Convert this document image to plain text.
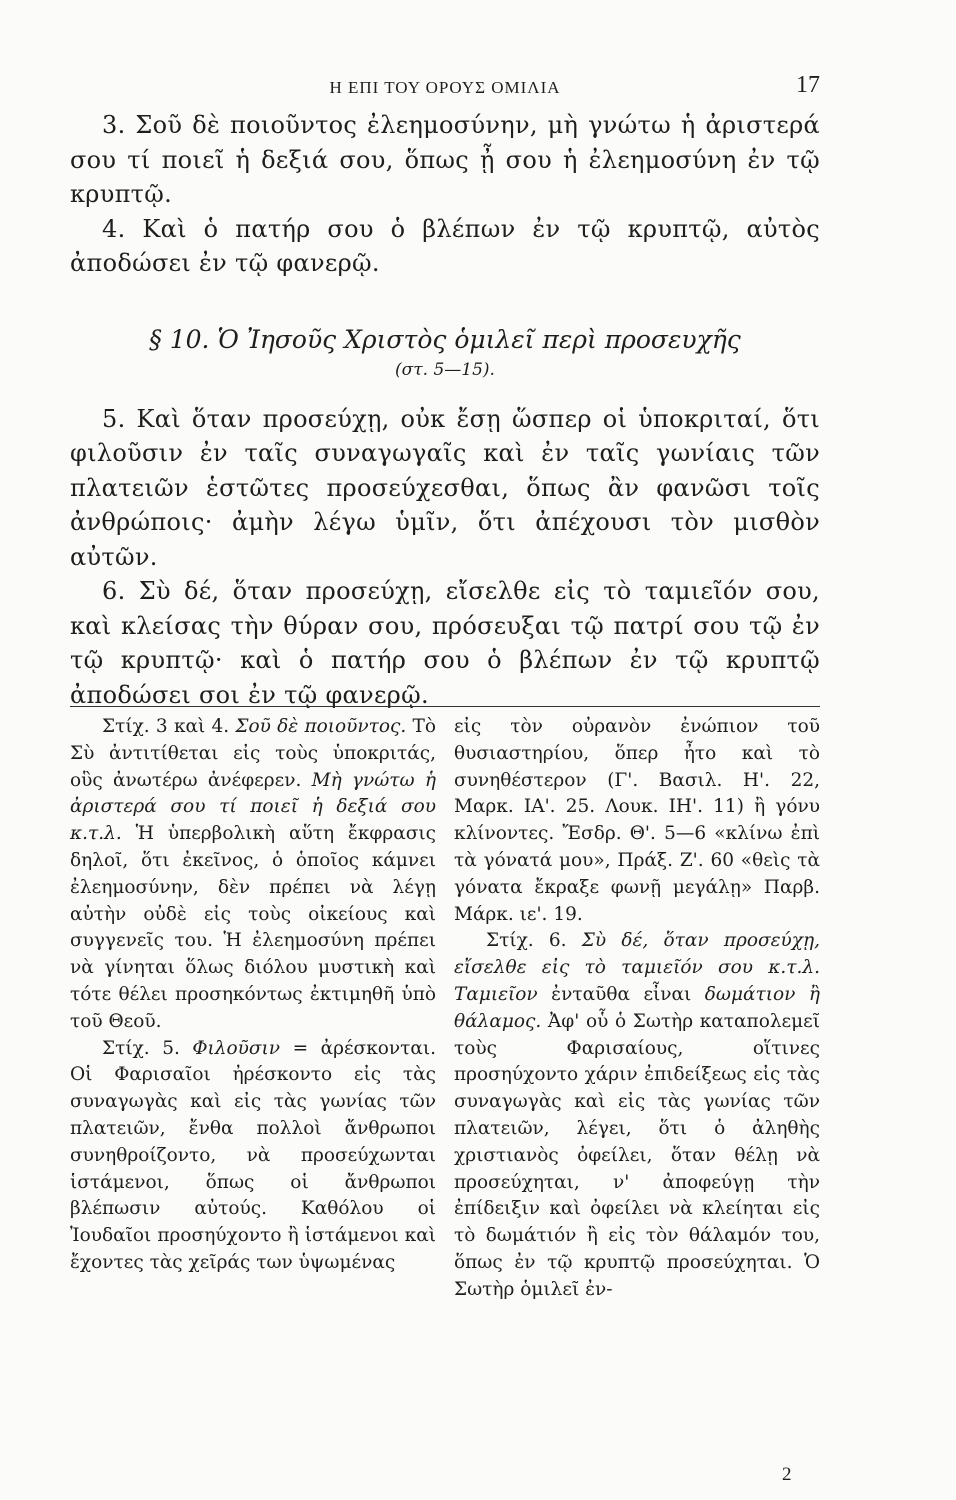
Η ΕΠΙ ΤΟΥ ΟΡΟΥΣ ΟΜΙΛΙΑ	17

3. Σοῦ δὲ ποιοῦντος ἐλεημοσύνην, μὴ γνώτω ἡ ἀριστερά σου τί ποιεῖ ἡ δεξιά σου, ὅπως ᾖ σου ἡ ἐλεημοσύνη ἐν τῷ κρυπτῷ.

4. Καὶ ὁ πατήρ σου ὁ βλέπων ἐν τῷ κρυπτῷ, αὐτὸς ἀποδώσει ἐν τῷ φανερῷ.

§ 10. Ὁ Ἰησοῦς Χριστὸς ὁμιλεῖ περὶ προσευχῆς

(στ. 5—15).

5. Καὶ ὅταν προσεύχῃ, οὐκ ἔσῃ ὥσπερ οἱ ὑποκριταί, ὅτι φιλοῦσιν ἐν ταῖς συναγωγαῖς καὶ ἐν ταῖς γωνίαις τῶν πλατειῶν ἑστῶτες προσεύχεσθαι, ὅπως ἂν φανῶσι τοῖς ἀνθρώποις· ἀμὴν λέγω ὑμῖν, ὅτι ἀπέχουσι τὸν μισθὸν αὐτῶν.

6. Σὺ δέ, ὅταν προσεύχῃ, εἴσελθε εἰς τὸ ταμιεῖόν σου, καὶ κλείσας τὴν θύραν σου, πρόσευξαι τῷ πατρί σου τῷ ἐν τῷ κρυπτῷ· καὶ ὁ πατήρ σου ὁ βλέπων ἐν τῷ κρυπτῷ ἀποδώσει σοι ἐν τῷ φανερῷ.

Στίχ. 3 καὶ 4. Σοῦ δὲ ποιοῦντος. Τὸ Σὺ ἀντιτίθεται εἰς τοὺς ὑποκριτάς, οὓς ἀνωτέρω ἀνέφερεν. Μὴ γνώτω ἡ ἀριστερά σου τί ποιεῖ ἡ δεξιά σου κ.τ.λ. Ἡ ὑπερβολικὴ αὕτη ἔκφρασις δηλοῖ, ὅτι ἐκεῖνος, ὁ ὁποῖος κάμνει ἐλεημοσύνην, δὲν πρέπει νὰ λέγῃ αὐτὴν οὐδὲ εἰς τοὺς οἰκείους καὶ συγγενεῖς του. Ἡ ἐλεημοσύνη πρέπει νὰ γίνηται ὅλως διόλου μυστικὴ καὶ τότε θέλει προσηκόντως ἐκτιμηθῆ ὑπὸ τοῦ Θεοῦ.

Στίχ. 5. Φιλοῦσιν = ἀρέσκονται. Οἱ Φαρισαῖοι ἠρέσκοντο εἰς τὰς συναγωγὰς καὶ εἰς τὰς γωνίας τῶν πλατειῶν, ἔνθα πολλοὶ ἄνθρωποι συνηθροίζοντο, νὰ προσεύχωνται ἱστάμενοι, ὅπως οἱ ἄνθρωποι βλέπωσιν αὐτούς. Καθόλου οἱ Ἰουδαῖοι προσηύχοντο ἢ ἱστάμενοι καὶ ἔχοντες τὰς χεῖράς των ὑψωμένας

εἰς τὸν οὐρανὸν ἐνώπιον τοῦ θυσιαστηρίου, ὅπερ ἦτο καὶ τὸ συνηθέστερον (Γ'. Βασιλ. Η'. 22, Μαρκ. ΙΑ'. 25. Λουκ. ΙΗ'. 11) ἢ γόνυ κλίνοντες. Ἔσδρ. Θ'. 5—6 «κλίνω ἐπὶ τὰ γόνατά μου», Πράξ. Ζ'. 60 «θεὶς τὰ γόνατα ἔκραξε φωνῇ μεγάλῃ» Παρβ. Μάρκ. ιε'. 19.

Στίχ. 6. Σὺ δέ, ὅταν προσεύχῃ, εἴσελθε εἰς τὸ ταμιεῖόν σου κ.τ.λ. Ταμιεῖον ἐνταῦθα εἶναι δωμάτιον ἢ θάλαμος. Ἀφ' οὗ ὁ Σωτὴρ καταπολεμεῖ τοὺς Φαρισαίους, οἵτινες προσηύχοντο χάριν ἐπιδείξεως εἰς τὰς συναγωγὰς καὶ εἰς τὰς γωνίας τῶν πλατειῶν, λέγει, ὅτι ὁ ἀληθὴς χριστιανὸς ὀφείλει, ὅταν θέλῃ νὰ προσεύχηται, ν' ἀποφεύγῃ τὴν ἐπίδειξιν καὶ ὀφείλει νὰ κλείηται εἰς τὸ δωμάτιόν ἢ εἰς τὸν θάλαμόν του, ὅπως ἐν τῷ κρυπτῷ προσεύχηται. Ὁ Σωτὴρ ὁμιλεῖ ἐν-

2
